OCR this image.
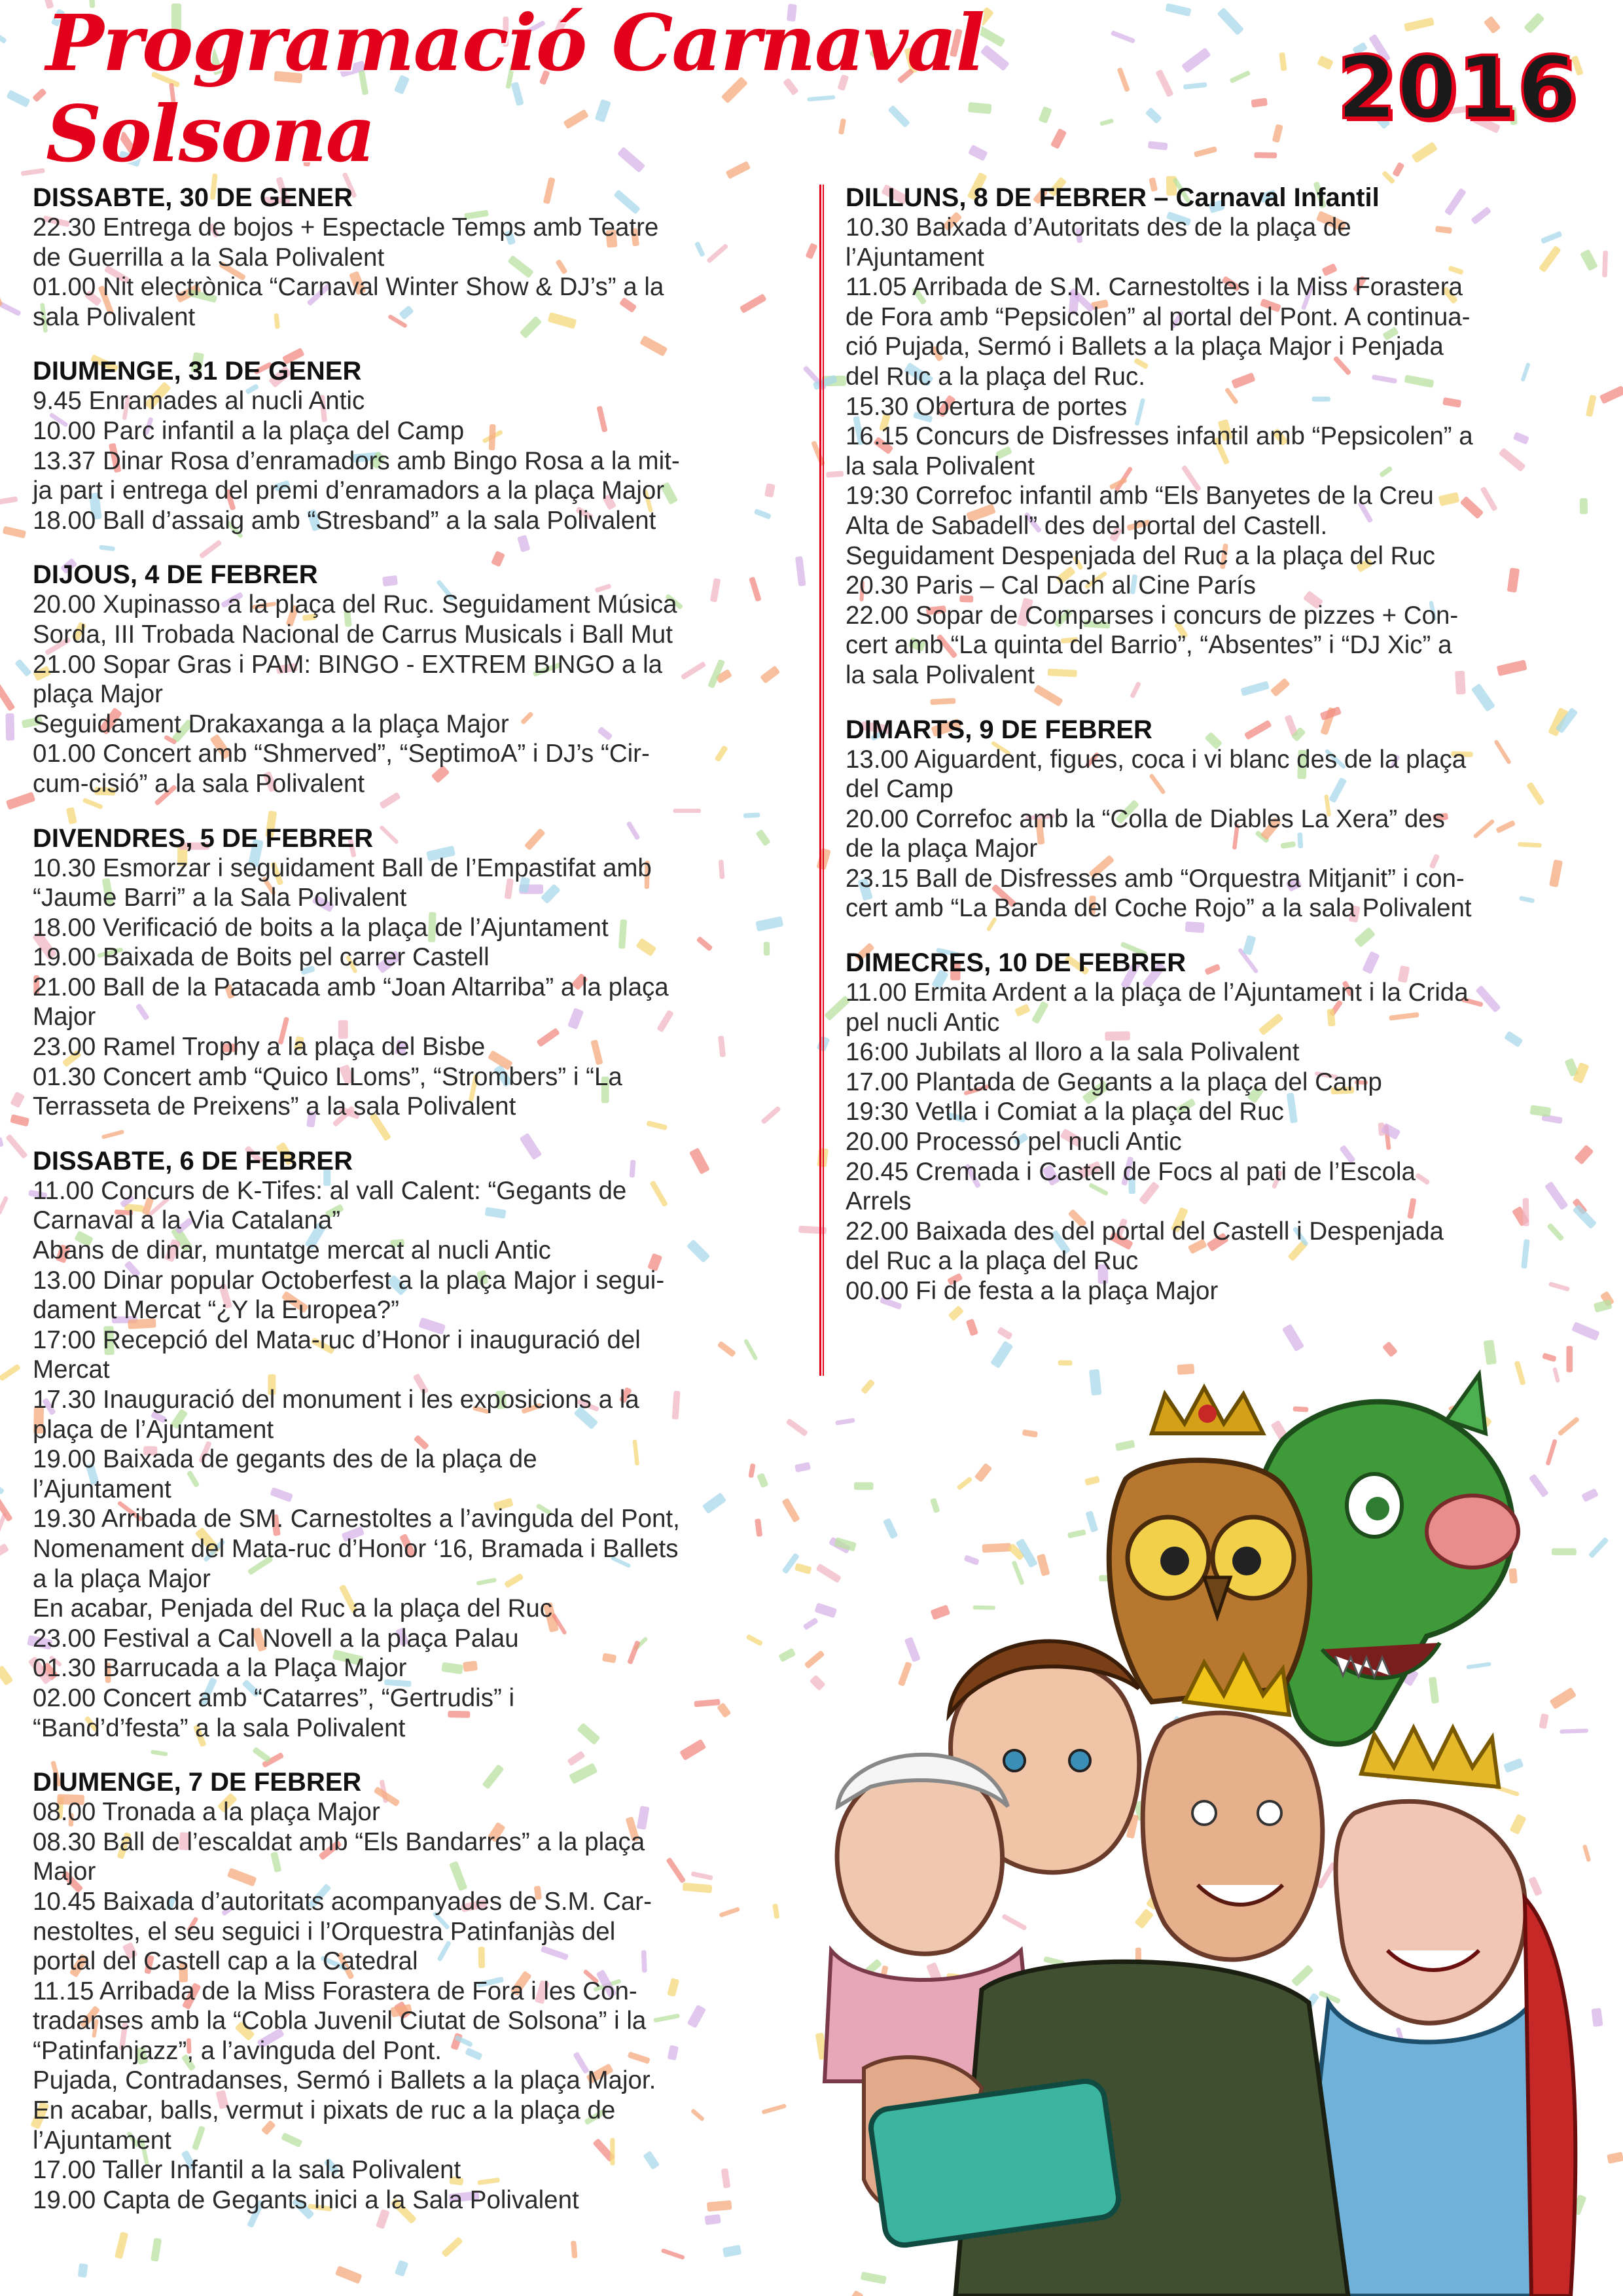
Programació Carnaval Solsona	2016
DISSABTE, 30 DE GENER
22.30 Entrega de bojos + Espectacle Temps amb Teatre
de Guerrilla a la Sala Polivalent
01.00 Nit electrònica “Carnaval Winter Show & DJ’s” a la
sala Polivalent
DIUMENGE, 31 DE GENER
9.45 Enramades al nucli Antic
10.00 Parc infantil a la plaça del Camp
13.37 Dinar Rosa d’enramadors amb Bingo Rosa a la mit-
ja part i entrega del premi d’enramadors a la plaça Major
18.00 Ball d’assaig amb “Stresband” a la sala Polivalent
DIJOUS, 4 DE FEBRER
20.00 Xupinasso a la plaça del Ruc. Seguidament Música
Sorda, III Trobada Nacional de Carrus Musicals i Ball Mut
21.00 Sopar Gras i PAM: BINGO - EXTREM BINGO a la
plaça Major
Seguidament Drakaxanga a la plaça Major
01.00 Concert amb “Shmerved”, “SeptimoA” i DJ’s “Cir-
cum-cisió” a la sala Polivalent
DIVENDRES, 5 DE FEBRER
10.30 Esmorzar i seguidament Ball de l’Empastifat amb
“Jaume Barri” a la Sala Polivalent
18.00 Verificació de boits a la plaça de l’Ajuntament
19.00 Baixada de Boits pel carrer Castell
21.00 Ball de la Patacada amb “Joan Altarriba” a la plaça
Major
23.00 Ramel Trophy a la plaça del Bisbe
01.30 Concert amb “Quico LLoms”, “Strombers” i “La
Terrasseta de Preixens” a la sala Polivalent
DISSABTE, 6 DE FEBRER
11.00 Concurs de K-Tifes: al vall Calent: “Gegants de
Carnaval a la Via Catalana”
Abans de dinar, muntatge mercat al nucli Antic
13.00 Dinar popular Octoberfest a la plaça Major i segui-
dament Mercat “¿Y la Europea?”
17:00 Recepció del Mata-ruc d’Honor i inauguració del
Mercat
17.30 Inauguració del monument i les exposicions a la
plaça de l’Ajuntament
19.00 Baixada de gegants des de la plaça de
l’Ajuntament
19.30 Arribada de SM. Carnestoltes a l’avinguda del Pont,
Nomenament del Mata-ruc d’Honor ‘16, Bramada i Ballets
a la plaça Major
En acabar, Penjada del Ruc a la plaça del Ruc
23.00 Festival a Cal Novell a la plaça Palau
01.30 Barrucada a la Plaça Major
02.00 Concert amb “Catarres”, “Gertrudis” i
“Band’d’festa” a la sala Polivalent
DIUMENGE, 7 DE FEBRER
08.00 Tronada a la plaça Major
08.30 Ball de l’escaldat amb “Els Bandarres” a la plaça
Major
10.45 Baixada d’autoritats acompanyades de S.M. Car-
nestoltes, el seu seguici i l’Orquestra Patinfanjàs del
portal del Castell cap a la Catedral
11.15 Arribada de la Miss Forastera de Fora i les Con-
tradanses amb la “Cobla Juvenil Ciutat de Solsona” i la
“Patinfanjazz”, a l’avinguda del Pont.
Pujada, Contradanses, Sermó i Ballets a la plaça Major.
En acabar, balls, vermut i pixats de ruc a la plaça de
l’Ajuntament
17.00 Taller Infantil a la sala Polivalent
19.00 Capta de Gegants inici a la Sala Polivalent
DILLUNS, 8 DE FEBRER – Carnaval Infantil
10.30 Baixada d’Autoritats des de la plaça de
l’Ajuntament
11.05 Arribada de S.M. Carnestoltes i la Miss Forastera
de Fora amb “Pepsicolen” al portal del Pont. A continua-
ció Pujada, Sermó i Ballets a la plaça Major i Penjada
del Ruc a la plaça del Ruc.
15.30 Obertura de portes
16.15 Concurs de Disfresses infantil amb “Pepsicolen” a
la sala Polivalent
19:30 Correfoc infantil amb “Els Banyetes de la Creu
Alta de Sabadell” des del portal del Castell.
Seguidament Despenjada del Ruc a la plaça del Ruc
20.30 Paris – Cal Dach al Cine París
22.00 Sopar de Comparses i concurs de pizzes + Con-
cert amb “La quinta del Barrio”, “Absentes” i “DJ Xic” a
la sala Polivalent
DIMARTS, 9 DE FEBRER
13.00 Aiguardent, figues, coca i vi blanc des de la plaça
del Camp
20.00 Correfoc amb la “Colla de Diables La Xera” des
de la plaça Major
23.15 Ball de Disfresses amb “Orquestra Mitjanit” i con-
cert amb “La Banda del Coche Rojo” a la sala Polivalent
DIMECRES, 10 DE FEBRER
11.00 Ermita Ardent a la plaça de l’Ajuntament i la Crida
pel nucli Antic
16:00 Jubilats al lloro a la sala Polivalent
17.00 Plantada de Gegants a la plaça del Camp
19:30 Vetlla i Comiat a la plaça del Ruc
20.00 Processó pel nucli Antic
20.45 Cremada i Castell de Focs al pati de l’Escola
Arrels
22.00 Baixada des del portal del Castell i Despenjada
del Ruc a la plaça del Ruc
00.00 Fi de festa a la plaça Major
